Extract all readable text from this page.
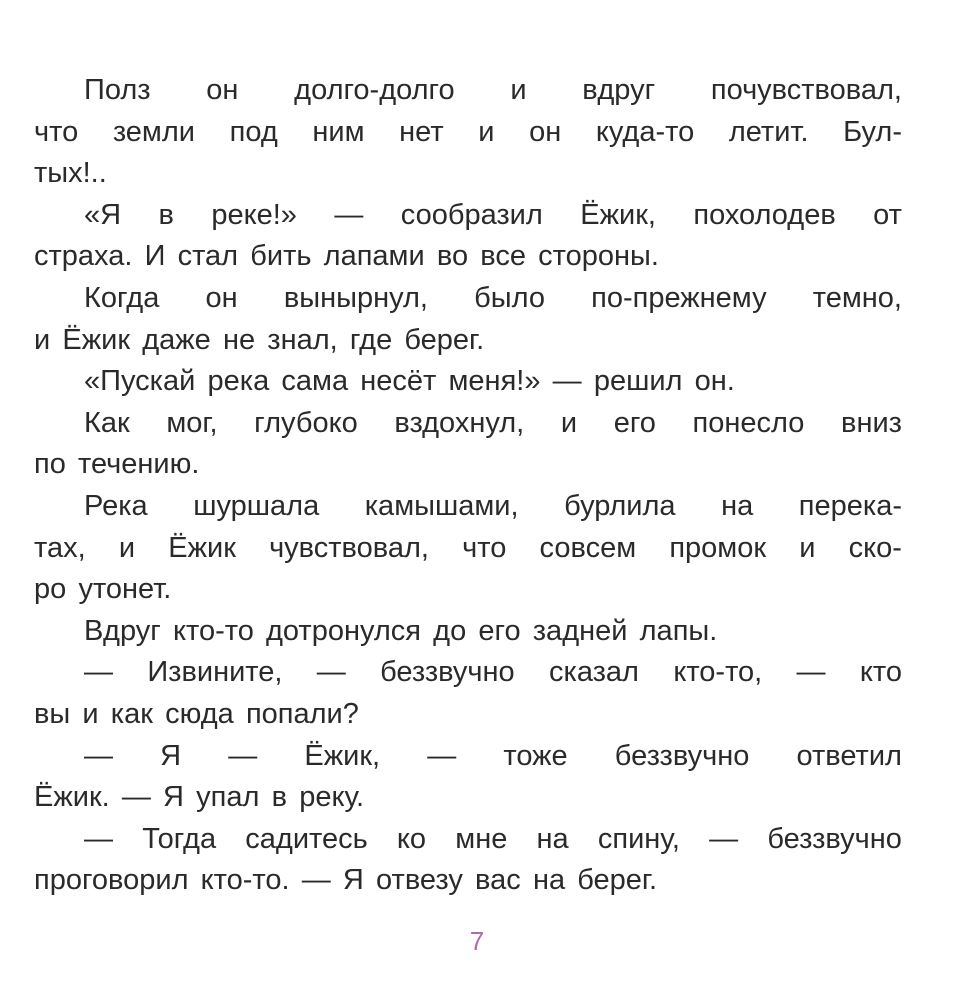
Полз он долго-долго и вдруг почувствовал,
что земли под ним нет и он куда-то летит. Бул-
тых!..
«Я в реке!» — сообразил Ёжик, похолодев от
страха. И стал бить лапами во все стороны.
Когда он вынырнул, было по-прежнему темно,
и Ёжик даже не знал, где берег.
«Пускай река сама несёт меня!» — решил он.
Как мог, глубоко вздохнул, и его понесло вниз
по течению.
Река шуршала камышами, бурлила на перека-
тах, и Ёжик чувствовал, что совсем промок и ско-
ро утонет.
Вдруг кто-то дотронулся до его задней лапы.
— Извините, — беззвучно сказал кто-то, — кто
вы и как сюда попали?
— Я — Ёжик, — тоже беззвучно ответил
Ёжик. — Я упал в реку.
— Тогда садитесь ко мне на спину, — беззвучно
проговорил кто-то. — Я отвезу вас на берег.
7
